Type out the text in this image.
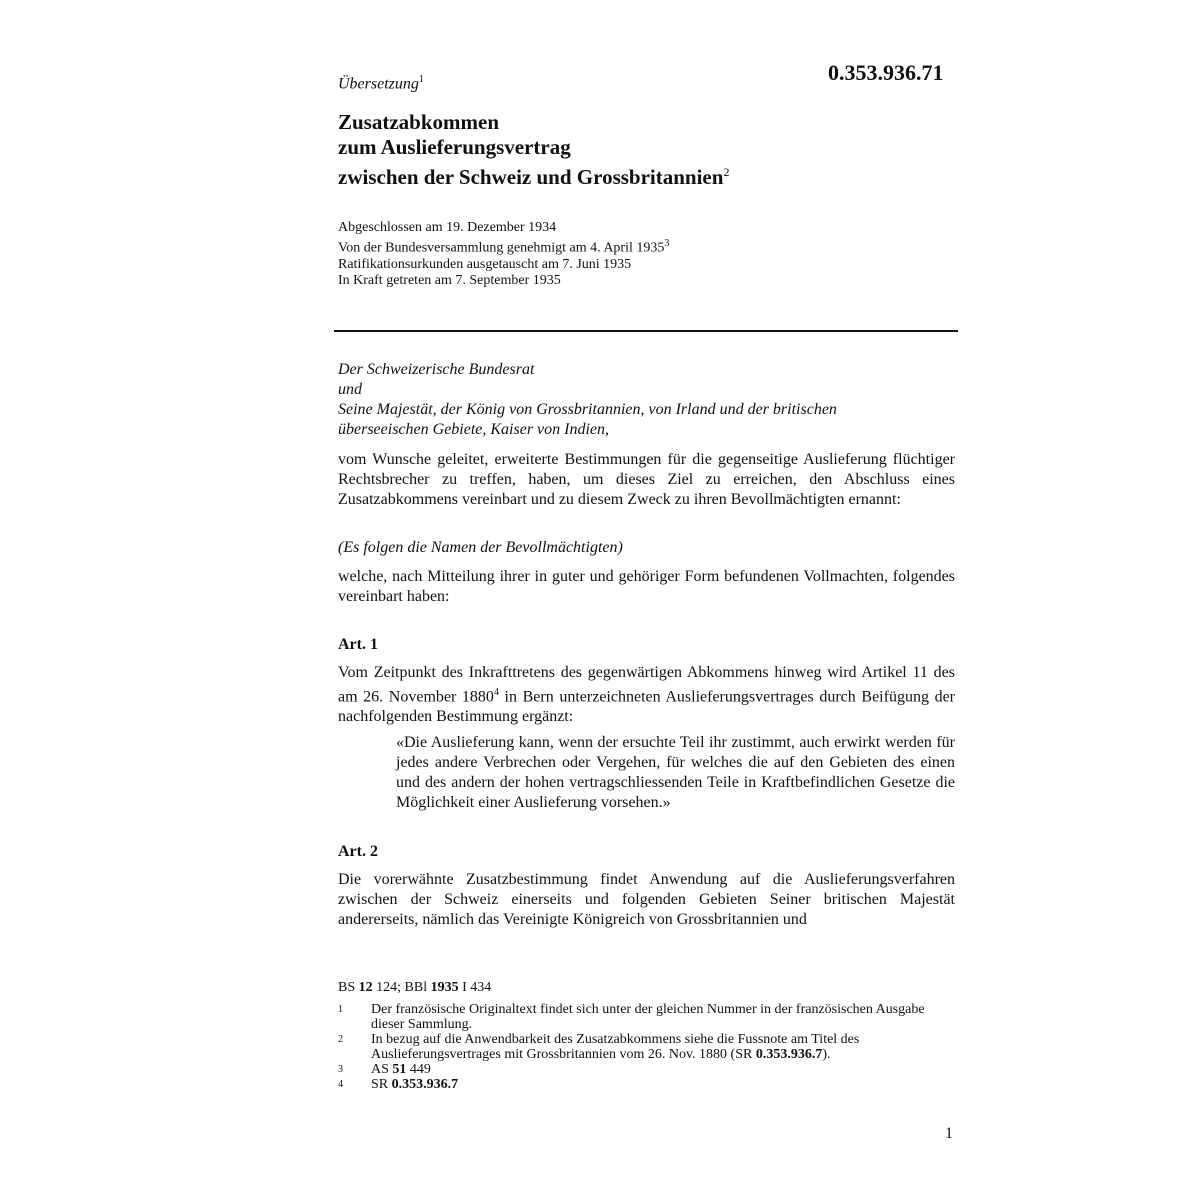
0.353.936.71
Übersetzung$^1$
Zusatzabkommen
zum Auslieferungsvertrag
zwischen der Schweiz und Grossbritannien$^2$
Abgeschlossen am 19. Dezember 1934
Von der Bundesversammlung genehmigt am 4. April 1935$^3$
Ratifikationsurkunden ausgetauscht am 7. Juni 1935
In Kraft getreten am 7. September 1935
Der Schweizerische Bundesrat
und
Seine Majestät, der König von Grossbritannien, von Irland und der britischen
überseeischen Gebiete, Kaiser von Indien,
vom Wunsche geleitet, erweiterte Bestimmungen für die gegenseitige Auslieferung flüchtiger Rechtsbrecher zu treffen, haben, um dieses Ziel zu erreichen, den Abschluss eines Zusatzabkommens vereinbart und zu diesem Zweck zu ihren Bevollmächtigten ernannt:
(Es folgen die Namen der Bevollmächtigten)
welche, nach Mitteilung ihrer in guter und gehöriger Form befundenen Vollmachten, folgendes vereinbart haben:
Art. 1
Vom Zeitpunkt des Inkrafttretens des gegenwärtigen Abkommens hinweg wird Artikel 11 des am 26. November 1880$^4$ in Bern unterzeichneten Auslieferungsvertrages durch Beifügung der nachfolgenden Bestimmung ergänzt:
«Die Auslieferung kann, wenn der ersuchte Teil ihr zustimmt, auch erwirkt werden für jedes andere Verbrechen oder Vergehen, für welches die auf den Gebieten des einen und des andern der hohen vertragschliessenden Teile in Kraftbefindlichen Gesetze die Möglichkeit einer Auslieferung vorsehen.»
Art. 2
Die vorerwähnte Zusatzbestimmung findet Anwendung auf die Auslieferungsverfahren zwischen der Schweiz einerseits und folgenden Gebieten Seiner britischen Majestät andererseits, nämlich das Vereinigte Königreich von Grossbritannien und
BS 12 124; BBl 1935 I 434
1	Der französische Originaltext findet sich unter der gleichen Nummer in der französischen Ausgabe dieser Sammlung.
2	In bezug auf die Anwendbarkeit des Zusatzabkommens siehe die Fussnote am Titel des Auslieferungsvertrages mit Grossbritannien vom 26. Nov. 1880 (SR 0.353.936.7).
3	AS 51 449
4	SR 0.353.936.7
1
